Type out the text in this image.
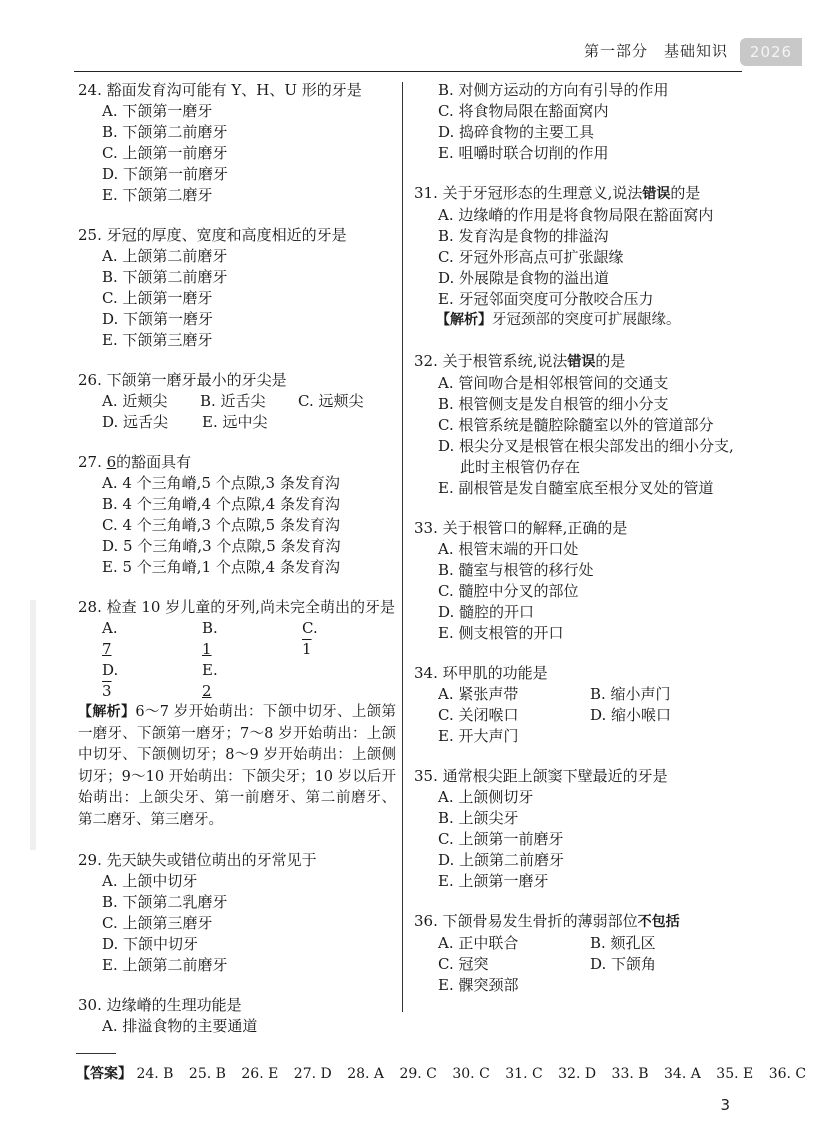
第一部分　基础知识	2026
24. 豁面发育沟可能有 Y、H、U 形的牙是
A. 下颌第一磨牙
B. 下颌第二前磨牙
C. 上颌第一前磨牙
D. 下颌第一前磨牙
E. 下颌第二磨牙
25. 牙冠的厚度、宽度和高度相近的牙是
A. 上颌第二前磨牙
B. 下颌第二前磨牙
C. 上颌第一磨牙
D. 下颌第一磨牙
E. 下颌第三磨牙
26. 下颌第一磨牙最小的牙尖是
A. 近颊尖	B. 近舌尖	C. 远颊尖
D. 远舌尖	E. 远中尖
27. 6的豁面具有
A. 4 个三角嵴,5 个点隙,3 条发育沟
B. 4 个三角嵴,4 个点隙,4 条发育沟
C. 4 个三角嵴,3 个点隙,5 条发育沟
D. 5 个三角嵴,3 个点隙,5 条发育沟
E. 5 个三角嵴,1 个点隙,4 条发育沟
28. 检查 10 岁儿童的牙列,尚未完全萌出的牙是
A.7
B.1
C.1
D.3
E.2
【解析】6～7 岁开始萌出：下颌中切牙、上颌第一磨牙、下颌第一磨牙；7～8 岁开始萌出：上颌中切牙、下颌侧切牙；8～9 岁开始萌出：上颌侧切牙；9～10 开始萌出：下颌尖牙；10 岁以后开始萌出：上颌尖牙、第一前磨牙、第二前磨牙、第二磨牙、第三磨牙。
29. 先天缺失或错位萌出的牙常见于
A. 上颌中切牙
B. 下颌第二乳磨牙
C. 上颌第三磨牙
D. 下颌中切牙
E. 上颌第二前磨牙
30. 边缘嵴的生理功能是
A. 排溢食物的主要通道
B. 对侧方运动的方向有引导的作用
C. 将食物局限在豁面窝内
D. 捣碎食物的主要工具
E. 咀嚼时联合切削的作用
31. 关于牙冠形态的生理意义,说法错误的是
A. 边缘嵴的作用是将食物局限在豁面窝内
B. 发育沟是食物的排溢沟
C. 牙冠外形高点可扩张龈缘
D. 外展隙是食物的溢出道
E. 牙冠邻面突度可分散咬合压力
【解析】牙冠颈部的突度可扩展龈缘。
32. 关于根管系统,说法错误的是
A. 管间吻合是相邻根管间的交通支
B. 根管侧支是发自根管的细小分支
C. 根管系统是髓腔除髓室以外的管道部分
D. 根尖分叉是根管在根尖部发出的细小分支,此时主根管仍存在
E. 副根管是发自髓室底至根分叉处的管道
33. 关于根管口的解释,正确的是
A. 根管末端的开口处
B. 髓室与根管的移行处
C. 髓腔中分叉的部位
D. 髓腔的开口
E. 侧支根管的开口
34. 环甲肌的功能是
A. 紧张声带	B. 缩小声门
C. 关闭喉口	D. 缩小喉口
E. 开大声门
35. 通常根尖距上颌窦下壁最近的牙是
A. 上颌侧切牙
B. 上颌尖牙
C. 上颌第一前磨牙
D. 上颌第二前磨牙
E. 上颌第一磨牙
36. 下颌骨易发生骨折的薄弱部位不包括
A. 正中联合	B. 颏孔区
C. 冠突	D. 下颌角
E. 髁突颈部
【答案】 24. B 25. B 26. E 27. D 28. A 29. C 30. C 31. C 32. D 33. B 34. A 35. E 36. C
3
